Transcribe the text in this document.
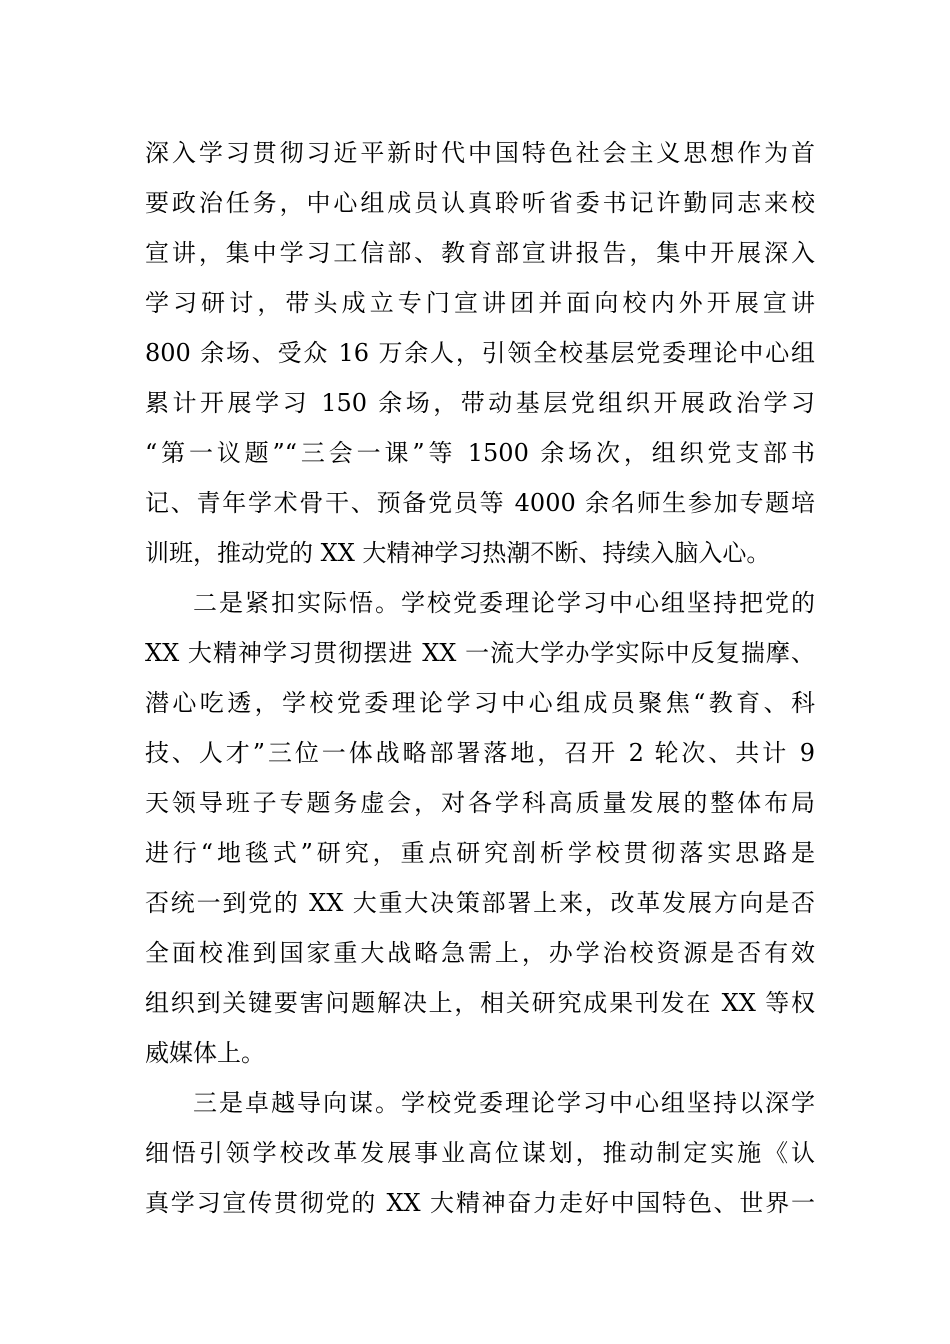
深入学习贯彻习近平新时代中国特色社会主义思想作为首
要政治任务，中心组成员认真聆听省委书记许勤同志来校
宣讲，集中学习工信部、教育部宣讲报告，集中开展深入
学习研讨，带头成立专门宣讲团并面向校内外开展宣讲
800 余场、受众 16 万余人，引领全校基层党委理论中心组
累计开展学习 150 余场，带动基层党组织开展政治学习
“第一议题”“三会一课”等 1500 余场次，组织党支部书
记、青年学术骨干、预备党员等 4000 余名师生参加专题培
训班，推动党的 XX 大精神学习热潮不断、持续入脑入心。
二是紧扣实际悟。学校党委理论学习中心组坚持把党的
XX 大精神学习贯彻摆进 XX 一流大学办学实际中反复揣摩、
潜心吃透，学校党委理论学习中心组成员聚焦“教育、科
技、人才”三位一体战略部署落地，召开 2 轮次、共计 9
天领导班子专题务虚会，对各学科高质量发展的整体布局
进行“地毯式”研究，重点研究剖析学校贯彻落实思路是
否统一到党的 XX 大重大决策部署上来，改革发展方向是否
全面校准到国家重大战略急需上，办学治校资源是否有效
组织到关键要害问题解决上，相关研究成果刊发在 XX 等权
威媒体上。
三是卓越导向谋。学校党委理论学习中心组坚持以深学
细悟引领学校改革发展事业高位谋划，推动制定实施《认
真学习宣传贯彻党的 XX 大精神奋力走好中国特色、世界一
